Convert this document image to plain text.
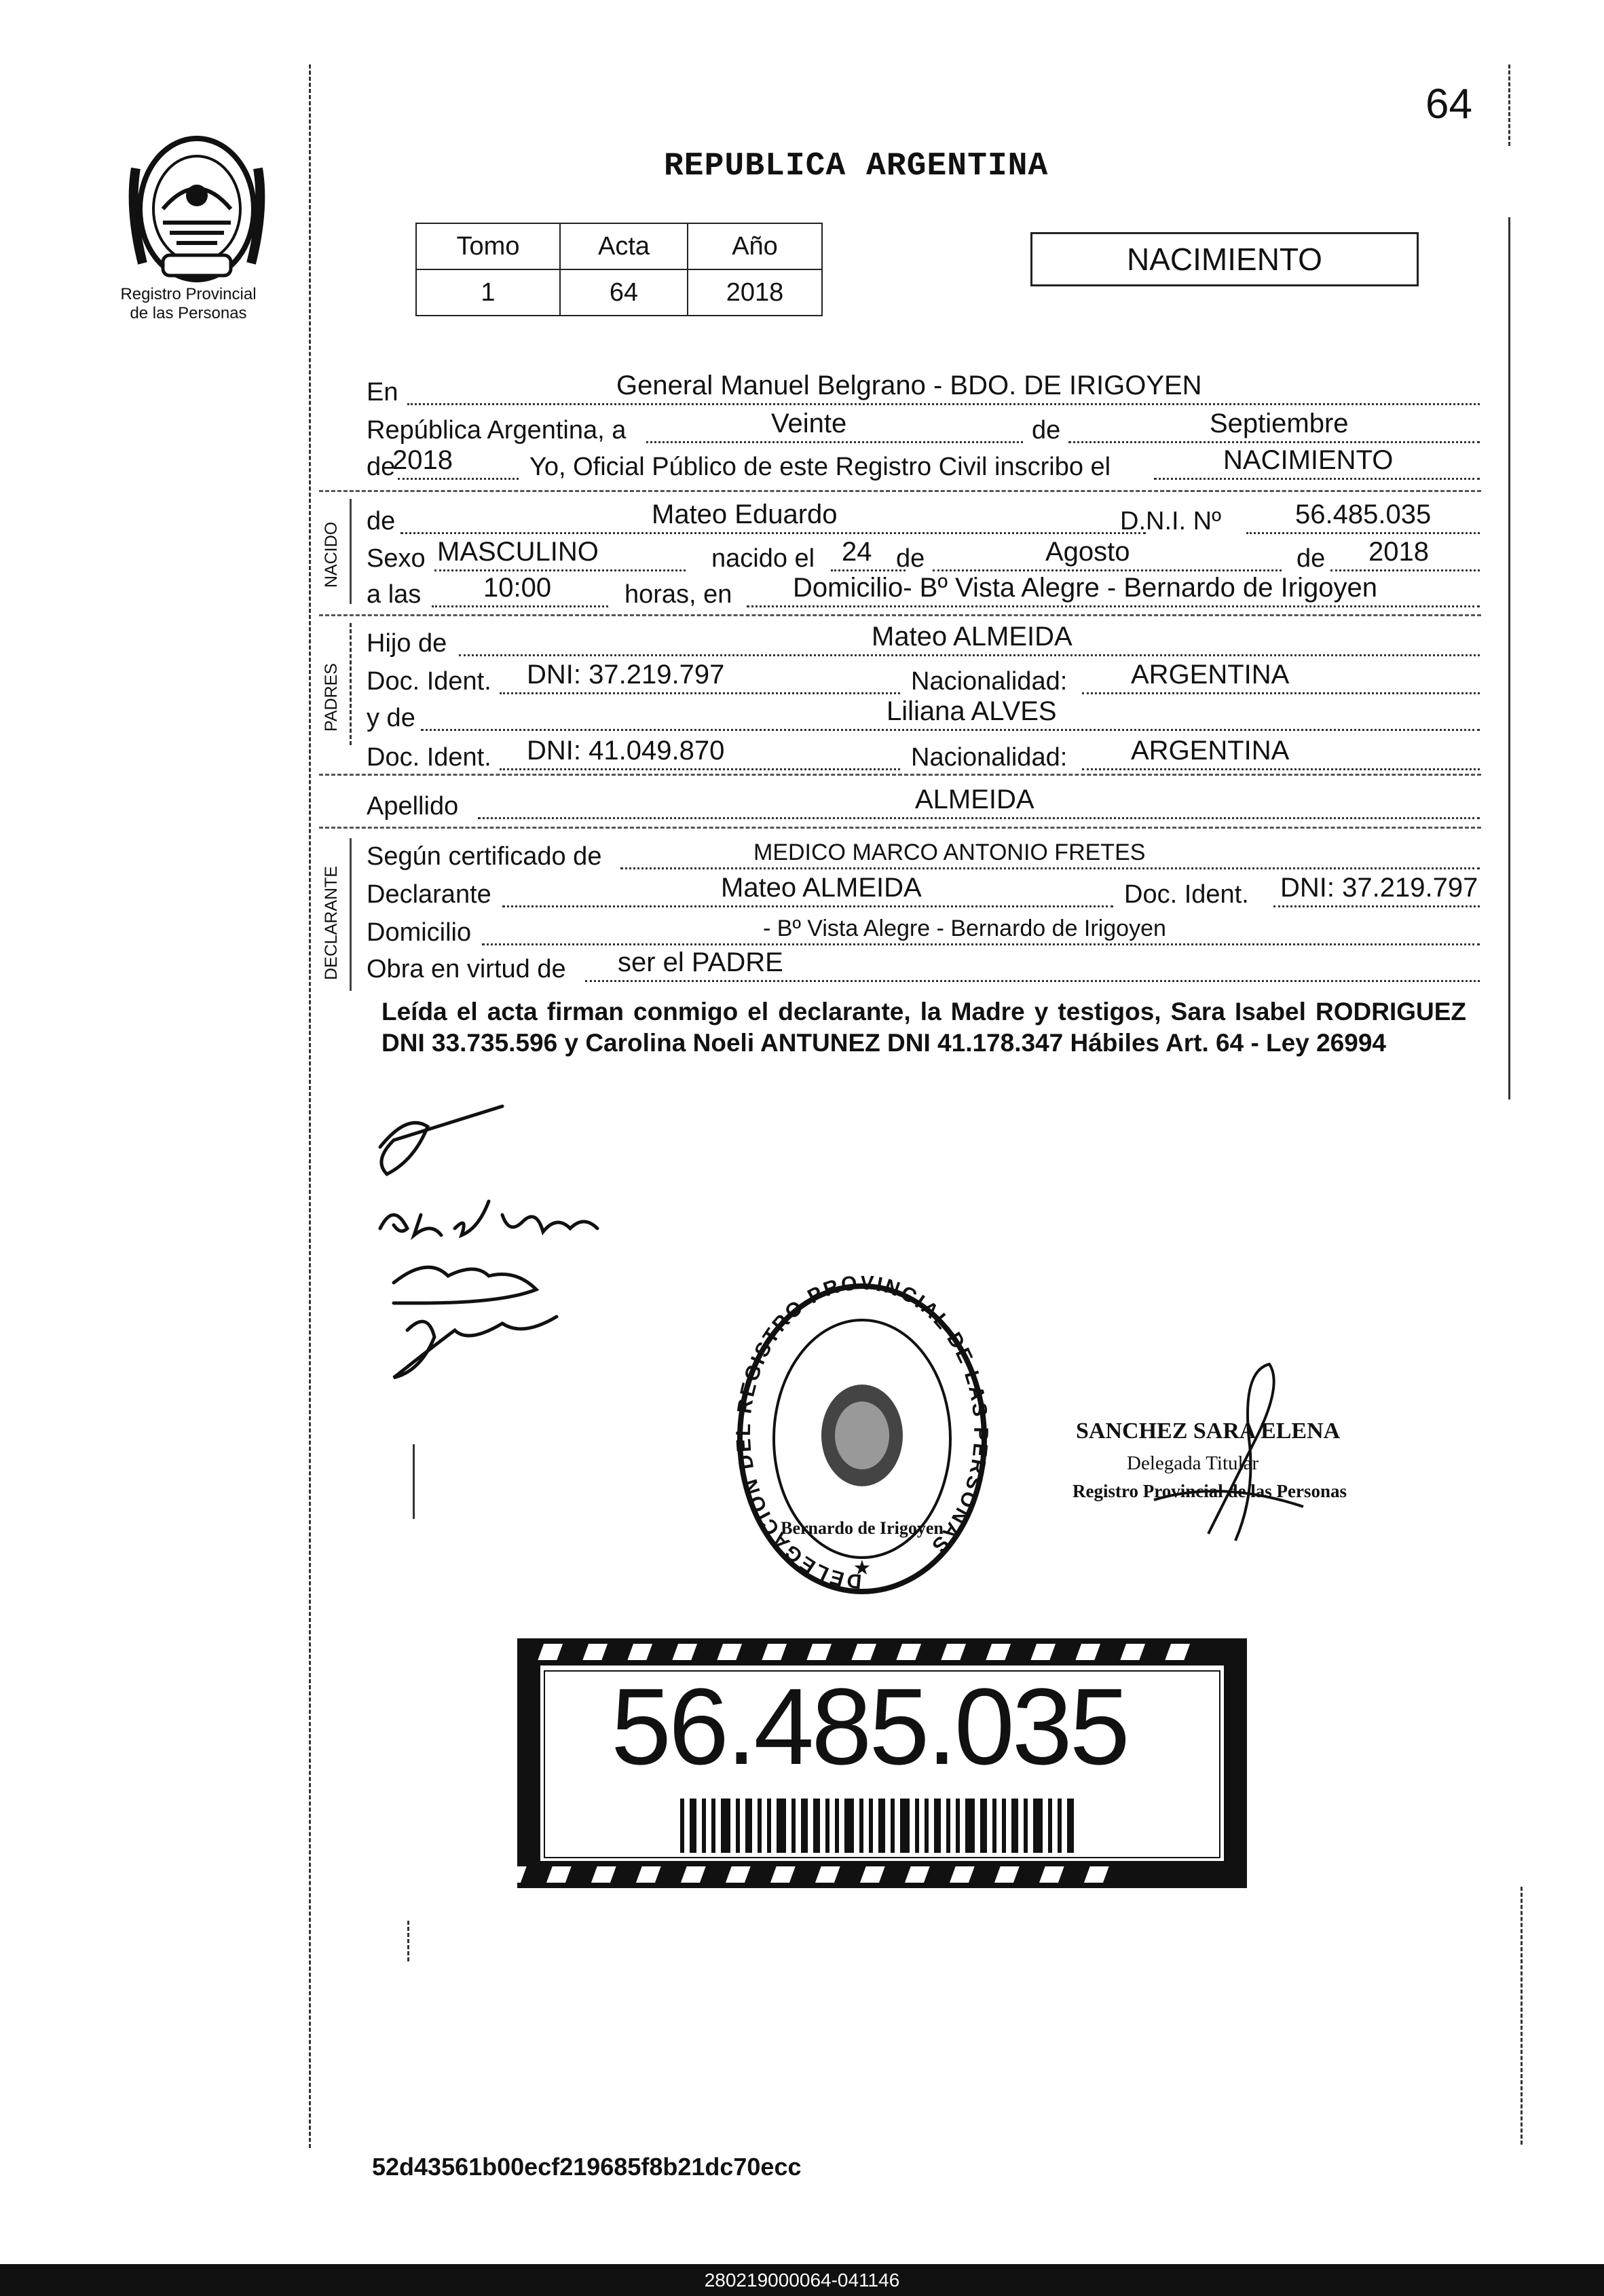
64
REPUBLICA ARGENTINA
Registro Provincial
de las Personas
Tomo	Acta	Año
1	64	2018
NACIMIENTO
En	General Manuel Belgrano - BDO. DE IRIGOYEN
República Argentina, a	Veinte	de	Septiembre
de
2018	Yo, Oficial Público de este Registro Civil inscribo el	NACIMIENTO
NACIDO
de	Mateo Eduardo	D.N.I. Nº	56.485.035
Sexo MASCULINO	nacido el 24 de	Agosto	de 2018
a las 10:00	horas, en Domicilio- Bº Vista Alegre - Bernardo de Irigoyen
PADRES
Hijo de	Mateo ALMEIDA
Doc. Ident. DNI: 37.219.797	Nacionalidad: ARGENTINA
y de	Liliana ALVES
Doc. Ident. DNI: 41.049.870	Nacionalidad: ARGENTINA
Apellido	ALMEIDA
DECLARANTE
Según certificado de	MEDICO MARCO ANTONIO FRETES
Declarante	Mateo ALMEIDA	Doc. Ident. DNI: 37.219.797
Domicilio	- Bº Vista Alegre - Bernardo de Irigoyen
Obra en virtud de ser el PADRE
Leída el acta firman conmigo el declarante, la Madre y testigos, Sara Isabel RODRIGUEZ DNI 33.735.596 y Carolina Noeli ANTUNEZ DNI 41.178.347 Hábiles Art. 64 - Ley 26994
DELEGACION DEL REGISTRO PROVINCIAL DE LAS PERSONAS
Bernardo de Irigoyen
★
SANCHEZ SARA ELENA
Delegada Titular
Registro Provincial de las Personas
56.485.035
52d43561b00ecf219685f8b21dc70ecc
280219000064-041146
